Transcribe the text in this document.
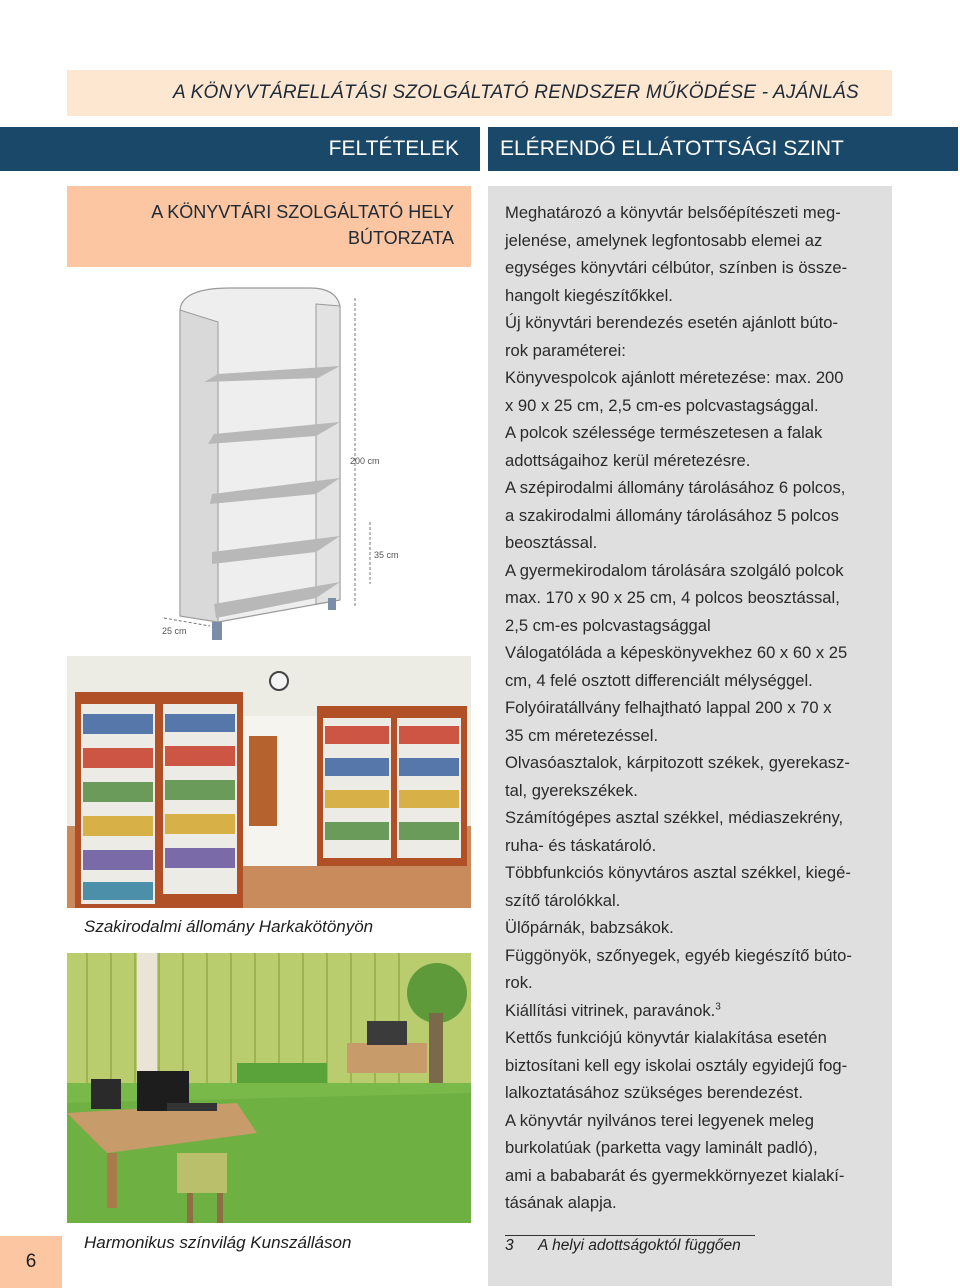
A KÖNYVTÁRELLÁTÁSI SZOLGÁLTATÓ RENDSZER MŰKÖDÉSE - AJÁNLÁS
FELTÉTELEK ELÉRENDŐ ELLÁTOTTSÁGI SZINT
A KÖNYVTÁRI SZOLGÁLTATÓ HELY
BÚTORZATA

Meghatározó a könyvtár belsőépítészeti meg-

jelenése, amelynek legfontosabb elemei az

egységes könyvtári célbútor, színben is össze-

hangolt kiegészítőkkel.

Új könyvtári berendezés esetén ajánlott búto-

rok paraméterei:

Könyvespolcok ajánlott méretezése: max. 200

x 90 x 25 cm, 2,5 cm-es polcvastagsággal.

A polcok szélessége természetesen a falak

adottságaihoz kerül méretezésre.

A szépirodalmi állomány tárolásához 6 polcos,

a szakirodalmi állomány tárolásához 5 polcos

beosztással.

A gyermekirodalom tárolására szolgáló polcok

max. 170 x 90 x 25 cm, 4 polcos beosztással,

2,5 cm-es polcvastagsággal

Válogatóláda a képeskönyvekhez 60 x 60 x 25

cm, 4 felé osztott differenciált mélységgel.

Folyóiratállvány felhajtható lappal 200 x 70 x

35 cm méretezéssel.

Olvasóasztalok, kárpitozott székek, gyerekasz-

tal, gyerekszékek.

Számítógépes asztal székkel, médiaszekrény,

ruha- és táskatároló.

Többfunkciós könyvtáros asztal székkel, kiegé-

szítő tárolókkal.

Ülőpárnák, babzsákok.

Függönyök, szőnyegek, egyéb kiegészítő búto-

rok.

Kiállítási vitrinek, paravánok.$^3$

Kettős funkciójú könyvtár kialakítása esetén

biztosítani kell egy iskolai osztály egyidejű fog-

lalkoztatásához szükséges berendezést.

A könyvtár nyilvános terei legyenek meleg

burkolatúak (parketta vagy laminált padló),

ami a bababarát és gyermekkörnyezet kialakí-

tásának alapja.

3 A helyi adottságoktól függően
200 cm
35 cm
25 cm
Szakirodalmi állomány Harkakötönyön
Harmonikus színvilág Kunszálláson
6
